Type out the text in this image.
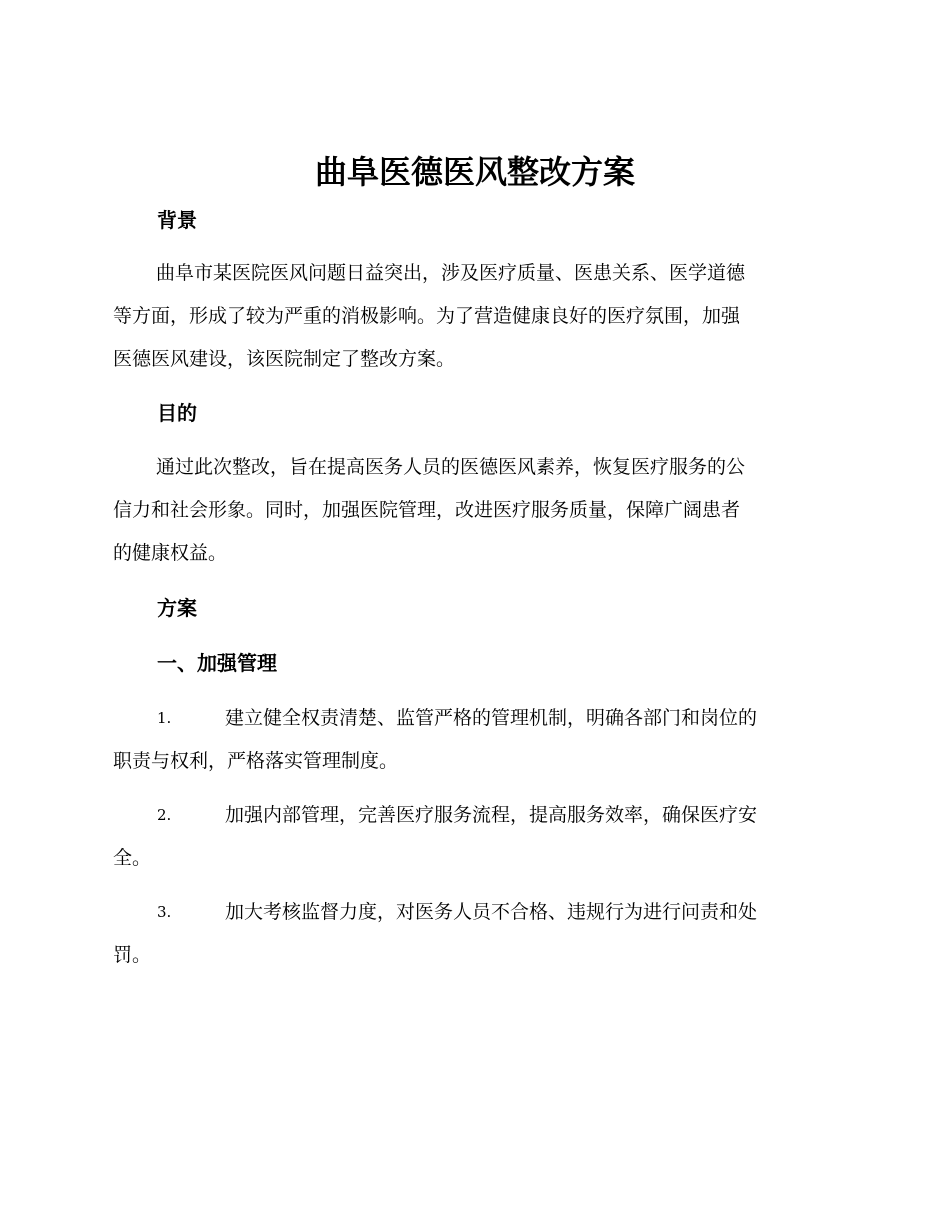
曲阜医德医风整改方案
背景
曲阜市某医院医风问题日益突出，涉及医疗质量、医患关系、医学道德
等方面，形成了较为严重的消极影响。为了营造健康良好的医疗氛围，加强
医德医风建设，该医院制定了整改方案。
目的
通过此次整改，旨在提高医务人员的医德医风素养，恢复医疗服务的公
信力和社会形象。同时，加强医院管理，改进医疗服务质量，保障广阔患者
的健康权益。
方案
一、加强管理
1.	建立健全权责清楚、监管严格的管理机制，明确各部门和岗位的
职责与权利，严格落实管理制度。
2.	加强内部管理，完善医疗服务流程，提高服务效率，确保医疗安
全。
3.	加大考核监督力度，对医务人员不合格、违规行为进行问责和处
罚。
